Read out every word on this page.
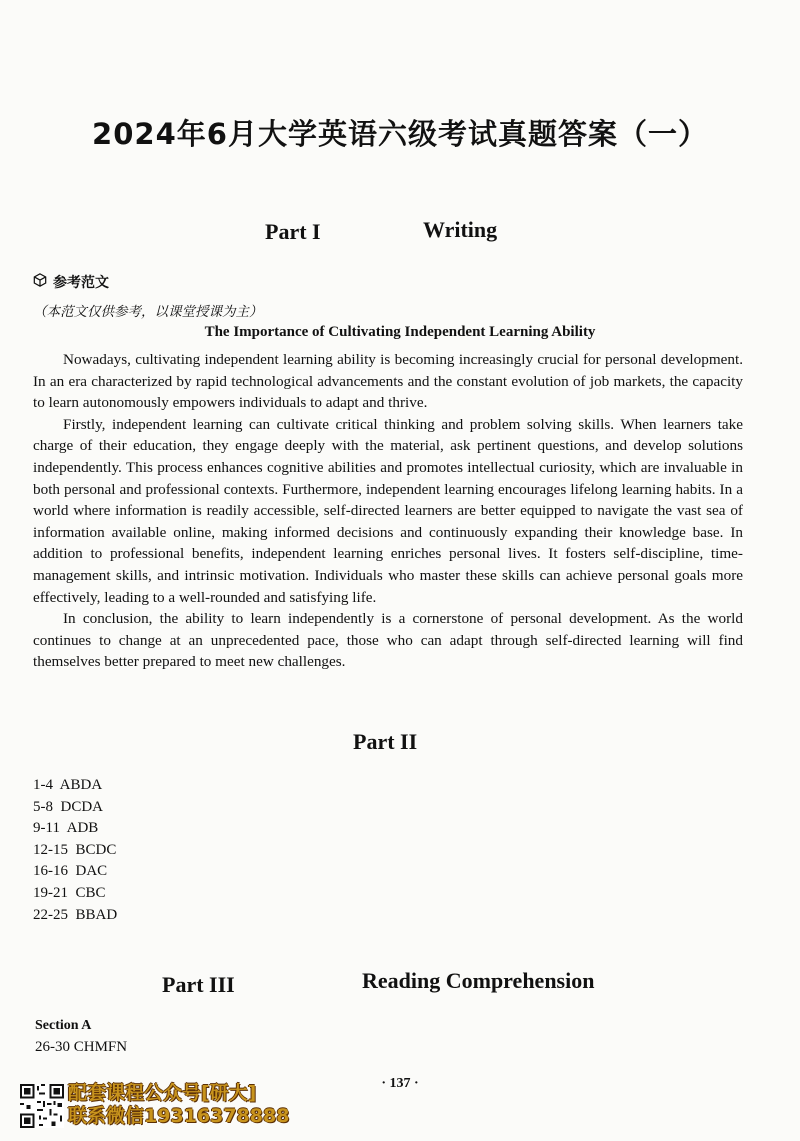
2024年6月大学英语六级考试真题答案（一）
Part I	Writing
参考范文
（本范文仅供参考，以课堂授课为主）
The Importance of Cultivating Independent Learning Ability

Nowadays, cultivating independent learning ability is becoming increasingly crucial for personal development. In an era characterized by rapid technological advancements and the constant evolution of job markets, the capacity to learn autonomously empowers individuals to adapt and thrive.

Firstly, independent learning can cultivate critical thinking and problem solving skills. When learners take charge of their education, they engage deeply with the material, ask pertinent questions, and develop solutions independently. This process enhances cognitive abilities and promotes intellectual curiosity, which are invaluable in both personal and professional contexts. Furthermore, independent learning encourages lifelong learning habits. In a world where information is readily accessible, self-directed learners are better equipped to navigate the vast sea of information available online, making informed decisions and continuously expanding their knowledge base. In addition to professional benefits, independent learning enriches personal lives. It fosters self-discipline, time-management skills, and intrinsic motivation. Individuals who master these skills can achieve personal goals more effectively, leading to a well-rounded and satisfying life.

In conclusion, the ability to learn independently is a cornerstone of personal development. As the world continues to change at an unprecedented pace, those who can adapt through self-directed learning will find themselves better prepared to meet new challenges.

Part II
1-4  ABDA
5-8  DCDA
9-11  ADB
12-15  BCDC
16-16  DAC
19-21  CBC
22-25  BBAD
Part III	Reading Comprehension
Section A
26-30 CHMFN
· 137 ·
配套课程公众号[研大]
联系微信19316378888
